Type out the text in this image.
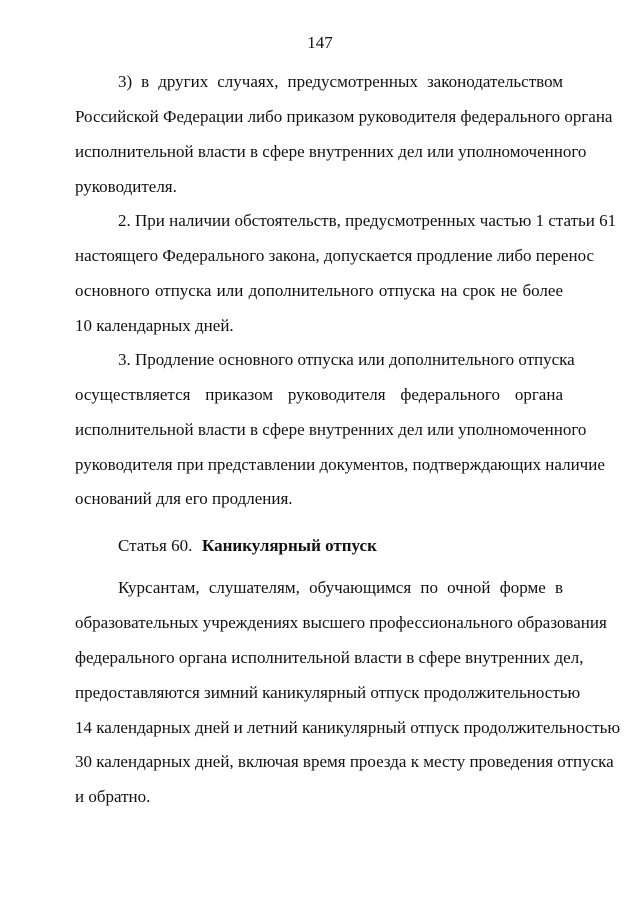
147
3) в других случаях, предусмотренных законодательством
Российской Федерации либо приказом руководителя федерального органа
исполнительной власти в сфере внутренних дел или уполномоченного
руководителя.
2. При наличии обстоятельств, предусмотренных частью 1 статьи 61
настоящего Федерального закона, допускается продление либо перенос
основного отпуска или дополнительного отпуска на срок не более
10 календарных дней.
3. Продление основного отпуска или дополнительного отпуска
осуществляется приказом руководителя федерального органа
исполнительной власти в сфере внутренних дел или уполномоченного
руководителя при представлении документов, подтверждающих наличие
оснований для его продления.
Статья 60. Каникулярный отпуск
Курсантам, слушателям, обучающимся по очной форме в
образовательных учреждениях высшего профессионального образования
федерального органа исполнительной власти в сфере внутренних дел,
предоставляются зимний каникулярный отпуск продолжительностью
14 календарных дней и летний каникулярный отпуск продолжительностью
30 календарных дней, включая время проезда к месту проведения отпуска
и обратно.
